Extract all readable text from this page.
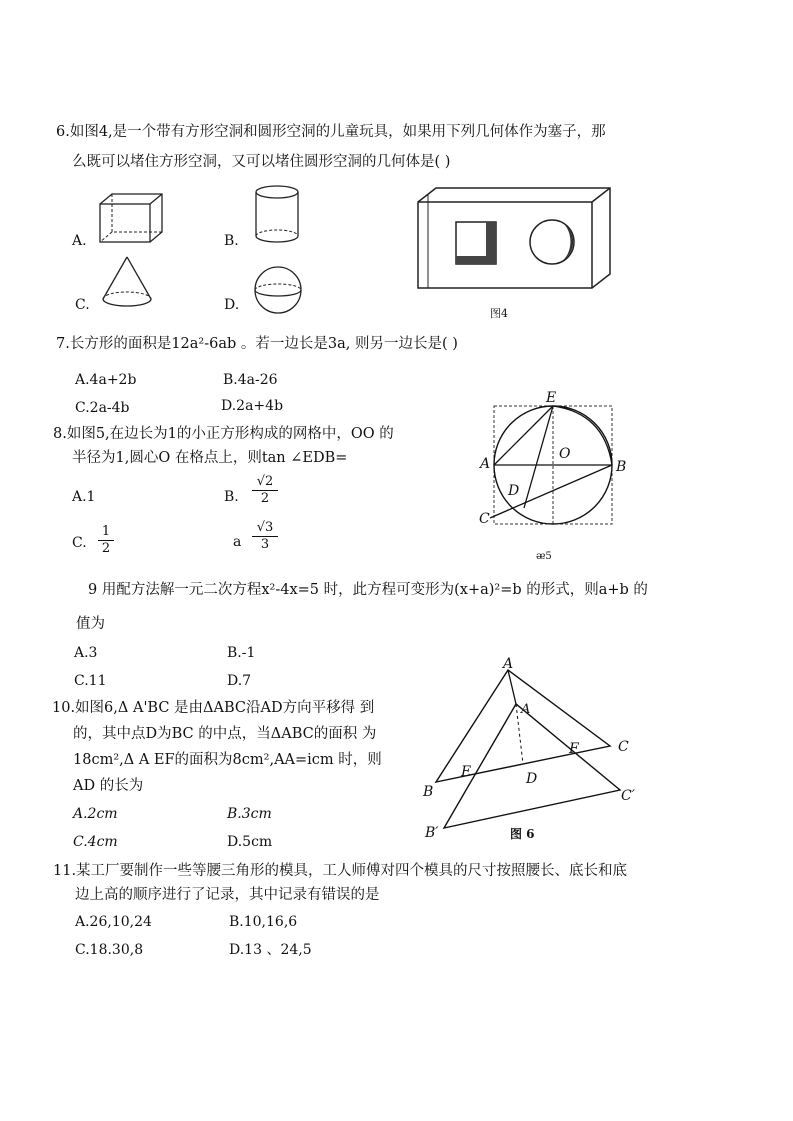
6.如图4,是一个带有方形空洞和圆形空洞的儿童玩具，如果用下列几何体作为塞子，那
么既可以堵住方形空洞，又可以堵住圆形空洞的几何体是( )
A.	B.
C.	D.
图4
7.长方形的面积是12a²-6ab 。若一边长是3a, 则另一边长是( )
A.4a+2b	B.4a-26
C.2a-4b	D.2a+4b
8.如图5,在边长为1的小正方形构成的网格中，OO 的
半径为1,圆心O 在格点上，则tan ∠EDB=
A.1	B. $\frac{√2}{2}$
C. $\frac{1}{2}$	a $\frac{√3}{3}$
E
A
O
B
D
C
ᴂ5
9 用配方法解一元二次方程x²-4x=5 时，此方程可变形为(x+a)²=b 的形式，则a+b 的
值为
A.3	B.-1
C.11	D.7
10.如图6,Δ A'BC 是由ΔABC沿AD方向平移得 到
的，其中点D为BC 的中点，当ΔABC的面积 为
18cm²,Δ A EF的面积为8cm²,AA=icm 时，则
AD 的长为
A.2cm	B.3cm
C.4cm	D.5cm
A
A
E
F	C
B
D
C′
B′	图 6
11.某工厂要制作一些等腰三角形的模具，工人师傅对四个模具的尺寸按照腰长、底长和底
边上高的顺序进行了记录，其中记录有错误的是
A.26,10,24	B.10,16,6
C.18.30,8	D.13 、24,5
